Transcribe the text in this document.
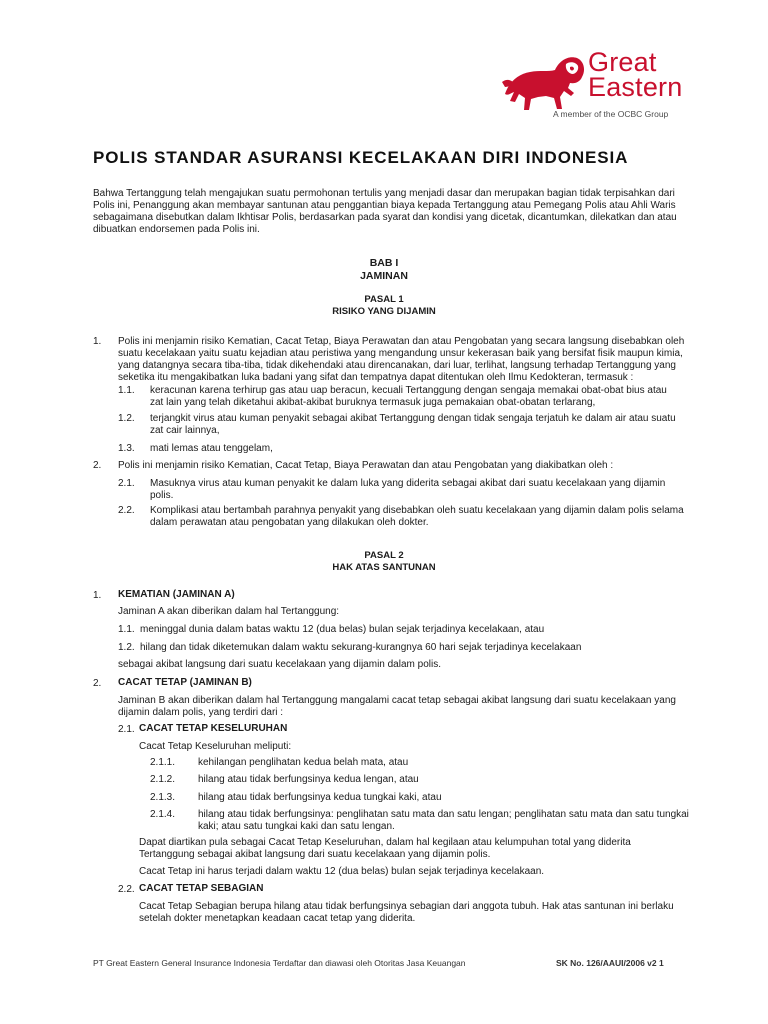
Great
Eastern
A member of the OCBC Group
POLIS STANDAR ASURANSI KECELAKAAN DIRI INDONESIA
Bahwa Tertanggung telah mengajukan suatu permohonan tertulis yang menjadi dasar dan merupakan bagian tidak terpisahkan dari
Polis ini, Penanggung akan membayar santunan atau penggantian biaya kepada Tertanggung atau Pemegang Polis atau Ahli Waris
sebagaimana disebutkan dalam Ikhtisar Polis, berdasarkan pada syarat dan kondisi yang dicetak, dicantumkan, dilekatkan dan atau
dibuatkan endorsemen pada Polis ini.
BAB I
JAMINAN
PASAL 1
RISIKO YANG DIJAMIN
1. Polis ini menjamin risiko Kematian, Cacat Tetap, Biaya Perawatan dan atau Pengobatan yang secara langsung disebabkan oleh
suatu kecelakaan yaitu suatu kejadian atau peristiwa yang mengandung unsur kekerasan baik yang bersifat fisik maupun kimia,
yang datangnya secara tiba-tiba, tidak dikehendaki atau direncanakan, dari luar, terlihat, langsung terhadap Tertanggung yang
seketika itu mengakibatkan luka badani yang sifat dan tempatnya dapat ditentukan oleh Ilmu Kedokteran, termasuk :
1.1. keracunan karena terhirup gas atau uap beracun, kecuali Tertanggung dengan sengaja memakai obat-obat bius atau
zat lain yang telah diketahui akibat-akibat buruknya termasuk juga pemakaian obat-obatan terlarang,
1.2. terjangkit virus atau kuman penyakit sebagai akibat Tertanggung dengan tidak sengaja terjatuh ke dalam air atau suatu
zat cair lainnya,
1.3. mati lemas atau tenggelam,
2. Polis ini menjamin risiko Kematian, Cacat Tetap, Biaya Perawatan dan atau Pengobatan yang diakibatkan oleh :
2.1. Masuknya virus atau kuman penyakit ke dalam luka yang diderita sebagai akibat dari suatu kecelakaan yang dijamin
polis.
2.2. Komplikasi atau bertambah parahnya penyakit yang disebabkan oleh suatu kecelakaan yang dijamin dalam polis selama
dalam perawatan atau pengobatan yang dilakukan oleh dokter.
PASAL 2
HAK ATAS SANTUNAN
1. KEMATIAN (JAMINAN A)
Jaminan A akan diberikan dalam hal Tertanggung:
1.1. meninggal dunia dalam batas waktu 12 (dua belas) bulan sejak terjadinya kecelakaan, atau
1.2. hilang dan tidak diketemukan dalam waktu sekurang-kurangnya 60 hari sejak terjadinya kecelakaan
sebagai akibat langsung dari suatu kecelakaan yang dijamin dalam polis.
2. CACAT TETAP (JAMINAN B)
Jaminan B akan diberikan dalam hal Tertanggung mangalami cacat tetap sebagai akibat langsung dari suatu kecelakaan yang
dijamin dalam polis, yang terdiri dari :
2.1. CACAT TETAP KESELURUHAN
Cacat Tetap Keseluruhan meliputi:
2.1.1. kehilangan penglihatan kedua belah mata, atau
2.1.2. hilang atau tidak berfungsinya kedua lengan, atau
2.1.3. hilang atau tidak berfungsinya kedua tungkai kaki, atau
2.1.4. hilang atau tidak berfungsinya: penglihatan satu mata dan satu lengan; penglihatan satu mata dan satu tungkai
kaki; atau satu tungkai kaki dan satu lengan.
Dapat diartikan pula sebagai Cacat Tetap Keseluruhan, dalam hal kegilaan atau kelumpuhan total yang diderita
Tertanggung sebagai akibat langsung dari suatu kecelakaan yang dijamin polis.
Cacat Tetap ini harus terjadi dalam waktu 12 (dua belas) bulan sejak terjadinya kecelakaan.
2.2. CACAT TETAP SEBAGIAN
Cacat Tetap Sebagian berupa hilang atau tidak berfungsinya sebagian dari anggota tubuh. Hak atas santunan ini berlaku
setelah dokter menetapkan keadaan cacat tetap yang diderita.
PT Great Eastern General Insurance Indonesia Terdaftar dan diawasi oleh Otoritas Jasa Keuangan	SK No. 126/AAUI/2006 v2 1
